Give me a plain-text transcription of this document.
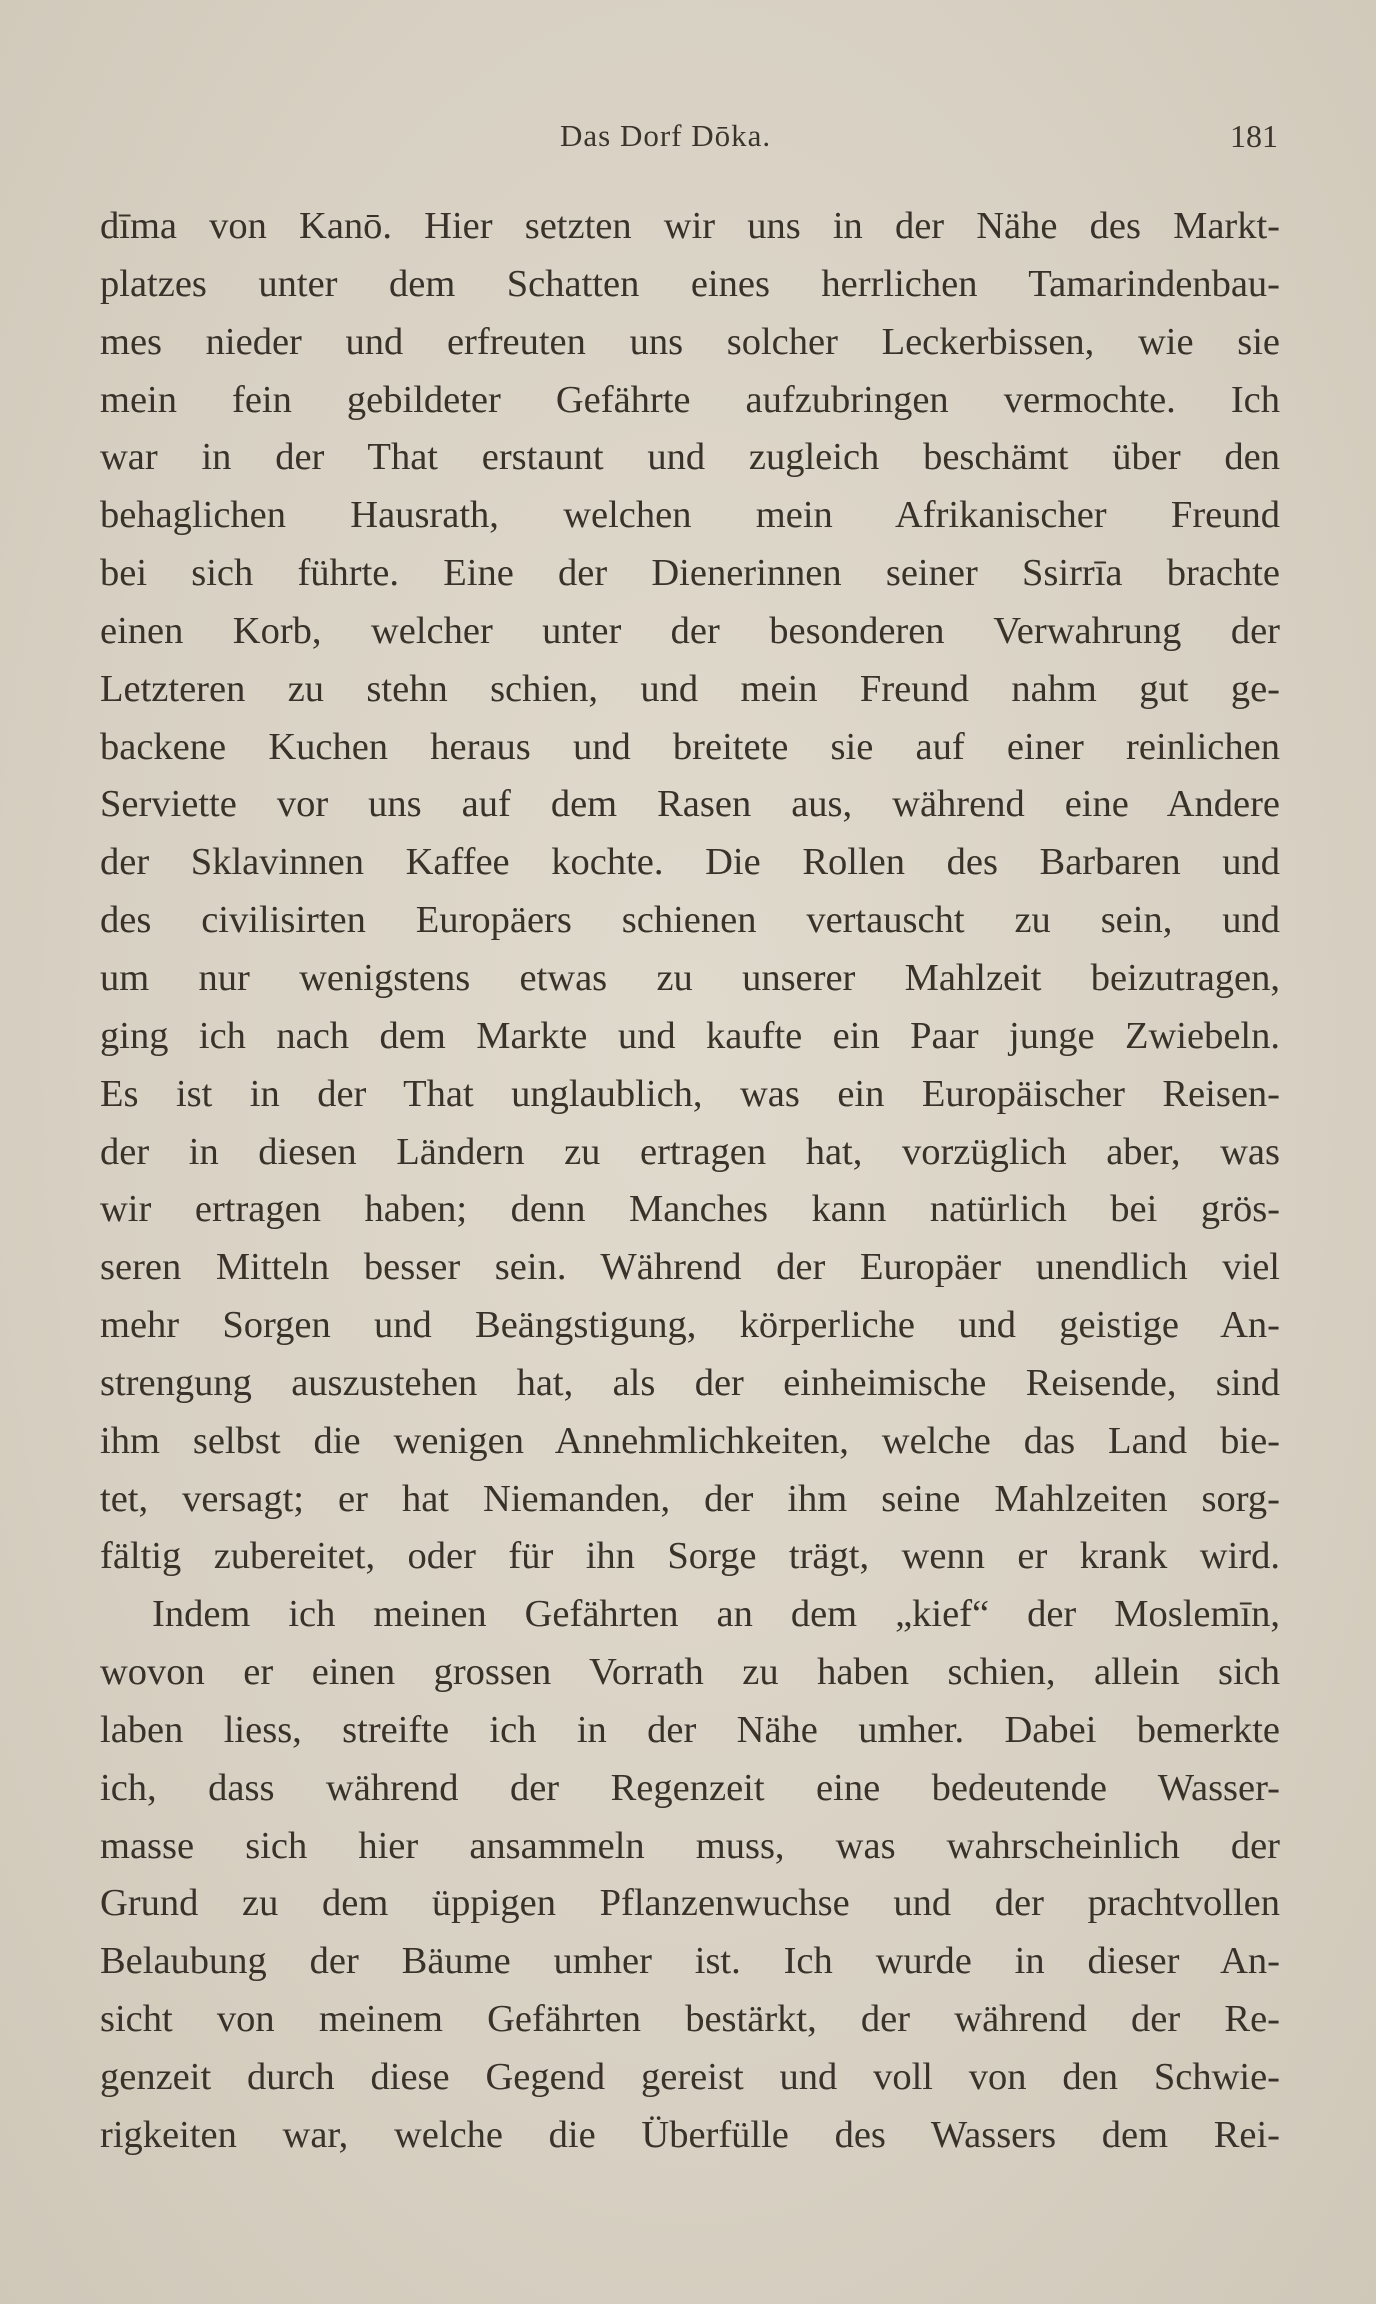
Das Dorf Dōka.	181
dīma von Kanō. Hier setzten wir uns in der Nähe des Markt-
platzes unter dem Schatten eines herrlichen Tamarindenbau-
mes nieder und erfreuten uns solcher Leckerbissen, wie sie
mein fein gebildeter Gefährte aufzubringen vermochte. Ich
war in der That erstaunt und zugleich beschämt über den
behaglichen Hausrath, welchen mein Afrikanischer Freund
bei sich führte. Eine der Dienerinnen seiner Ssirrīa brachte
einen Korb, welcher unter der besonderen Verwahrung der
Letzteren zu stehn schien, und mein Freund nahm gut ge-
backene Kuchen heraus und breitete sie auf einer reinlichen
Serviette vor uns auf dem Rasen aus, während eine Andere
der Sklavinnen Kaffee kochte. Die Rollen des Barbaren und
des civilisirten Europäers schienen vertauscht zu sein, und
um nur wenigstens etwas zu unserer Mahlzeit beizutragen,
ging ich nach dem Markte und kaufte ein Paar junge Zwiebeln.
Es ist in der That unglaublich, was ein Europäischer Reisen-
der in diesen Ländern zu ertragen hat, vorzüglich aber, was
wir ertragen haben; denn Manches kann natürlich bei grös-
seren Mitteln besser sein. Während der Europäer unendlich viel
mehr Sorgen und Beängstigung, körperliche und geistige An-
strengung auszustehen hat, als der einheimische Reisende, sind
ihm selbst die wenigen Annehmlichkeiten, welche das Land bie-
tet, versagt; er hat Niemanden, der ihm seine Mahlzeiten sorg-
fältig zubereitet, oder für ihn Sorge trägt, wenn er krank wird.
Indem ich meinen Gefährten an dem „kief“ der Moslemīn,
wovon er einen grossen Vorrath zu haben schien, allein sich
laben liess, streifte ich in der Nähe umher. Dabei bemerkte
ich, dass während der Regenzeit eine bedeutende Wasser-
masse sich hier ansammeln muss, was wahrscheinlich der
Grund zu dem üppigen Pflanzenwuchse und der prachtvollen
Belaubung der Bäume umher ist. Ich wurde in dieser An-
sicht von meinem Gefährten bestärkt, der während der Re-
genzeit durch diese Gegend gereist und voll von den Schwie-
rigkeiten war, welche die Überfülle des Wassers dem Rei-
